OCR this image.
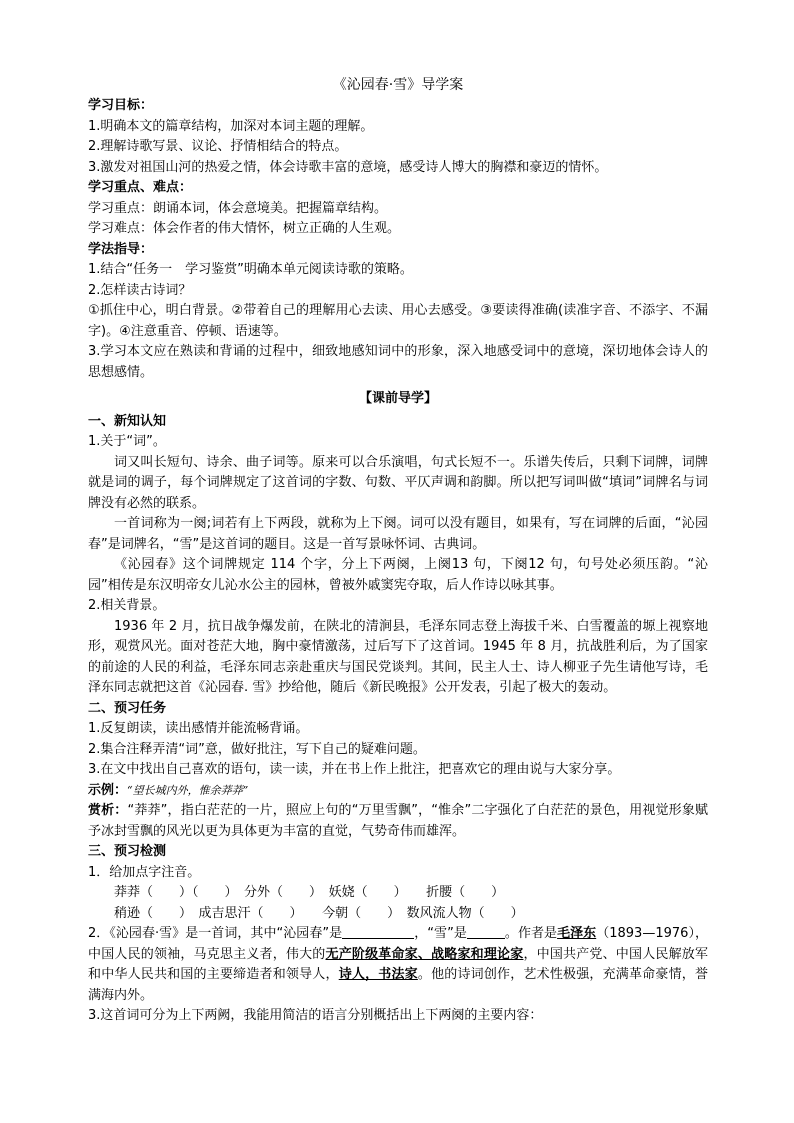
《沁园春·雪》导学案

学习目标：

1.明确本文的篇章结构，加深对本词主题的理解。

2.理解诗歌写景、议论、抒情相结合的特点。

3.激发对祖国山河的热爱之情，体会诗歌丰富的意境，感受诗人博大的胸襟和豪迈的情怀。

学习重点、难点：

学习重点：朗诵本词，体会意境美。把握篇章结构。

学习难点：体会作者的伟大情怀，树立正确的人生观。

学法指导：

1.结合“任务一　学习鉴赏”明确本单元阅读诗歌的策略。

2.怎样读古诗词？

①抓住中心，明白背景。②带着自己的理解用心去读、用心去感受。③要读得准确(读准字音、不添字、不漏字)。④注意重音、停顿、语速等。

3.学习本文应在熟读和背诵的过程中，细致地感知词中的形象，深入地感受词中的意境，深切地体会诗人的思想感情。

【课前导学】

一、新知认知

1.关于“词”。

词又叫长短句、诗余、曲子词等。原来可以合乐演唱，句式长短不一。乐谱失传后，只剩下词牌，词牌就是词的调子，每个词牌规定了这首词的字数、句数、平仄声调和韵脚。所以把写词叫做“填词”词牌名与词牌没有必然的联系。

一首词称为一阕;词若有上下两段，就称为上下阕。词可以没有题目，如果有，写在词牌的后面，“沁园春”是词牌名，“雪”是这首词的题目。这是一首写景咏怀词、古典词。

《沁园春》这个词牌规定 114 个字，分上下两阕，上阕13 句，下阕12 句，句号处必须压韵。“沁园”相传是东汉明帝女儿沁水公主的园林，曾被外戚窦宪夺取，后人作诗以咏其事。

2.相关背景。

1936 年 2 月，抗日战争爆发前，在陕北的清涧县，毛泽东同志登上海拔千米、白雪覆盖的塬上视察地形，观赏风光。面对苍茫大地，胸中豪情激荡，过后写下了这首词。1945 年 8 月，抗战胜利后，为了国家的前途的人民的利益，毛泽东同志亲赴重庆与国民党谈判。其间，民主人士、诗人柳亚子先生请他写诗，毛泽东同志就把这首《沁园春. 雪》抄给他，随后《新民晚报》公开发表，引起了极大的轰动。

二、预习任务

1.反复朗读，读出感情并能流畅背诵。

2.集合注释弄清“词”意，做好批注，写下自己的疑难问题。

3.在文中找出自己喜欢的语句，读一读，并在书上作上批注，把喜欢它的理由说与大家分享。

示例：“望长城内外，惟余莽莽”

赏析：“莽莽”，指白茫茫的一片，照应上句的“万里雪飘”，“惟余”二字强化了白茫茫的景色，用视觉形象赋予冰封雪飘的风光以更为具体更为丰富的直觉，气势奇伟而雄浑。

三、预习检测

1．给加点字注音。

莽莽（　　）（　　）　 分外（　　）　 妖娆（　　）　　 折腰（　　）

稍逊（　　）　 成吉思汗（　　）　　 今朝（　　）　 数风流人物（　　）

2．《沁园春·雪》是一首词，其中“沁园春”是	，“雪”是	。作者是毛泽东（1893—1976），中国人民的领袖，马克思主义者，伟大的无产阶级革命家、战略家和理论家，中国共产党、中国人民解放军和中华人民共和国的主要缔造者和领导人，诗人，书法家。他的诗词创作，艺术性极强，充满革命豪情，誉满海内外。

3.这首词可分为上下两阙，我能用简洁的语言分别概括出上下两阕的主要内容：
